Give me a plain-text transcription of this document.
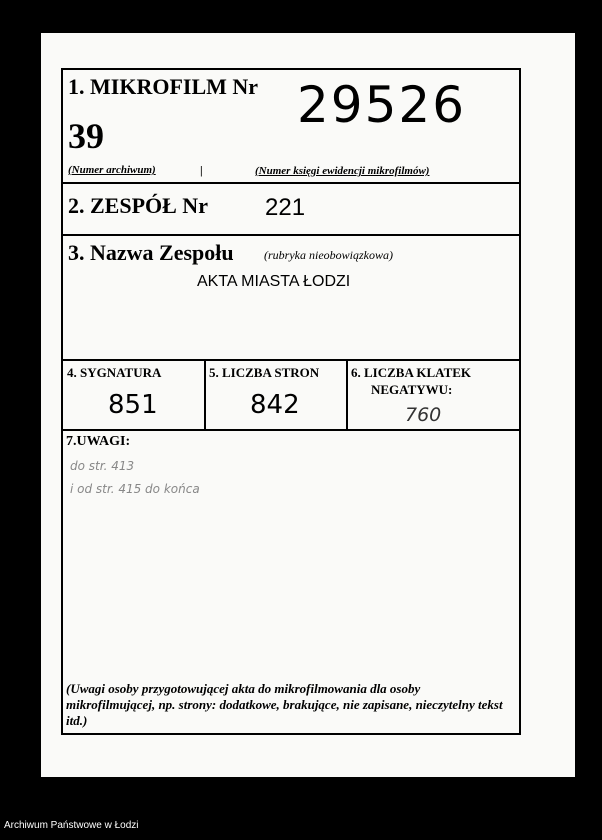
1. MIKROFILM Nr
39
(Numer archiwum)	|
29526
(Numer księgi ewidencji mikrofilmów)
2. ZESPÓŁ Nr 221
3. Nazwa Zespołu	(rubryka nieobowiązkowa)
AKTA MIASTA ŁODZI
4. SYGNATURA
851
5. LICZBA STRON
842
6. LICZBA KLATEK
NEGATYWU:
760
7.UWAGI:
do str. 413
i od str. 415 do końca
(Uwagi osoby przygotowującej akta do mikrofilmowania dla osoby mikrofilmującej, np. strony: dodatkowe, brakujące, nie zapisane, nieczytelny tekst itd.)
Archiwum Państwowe w Łodzi
